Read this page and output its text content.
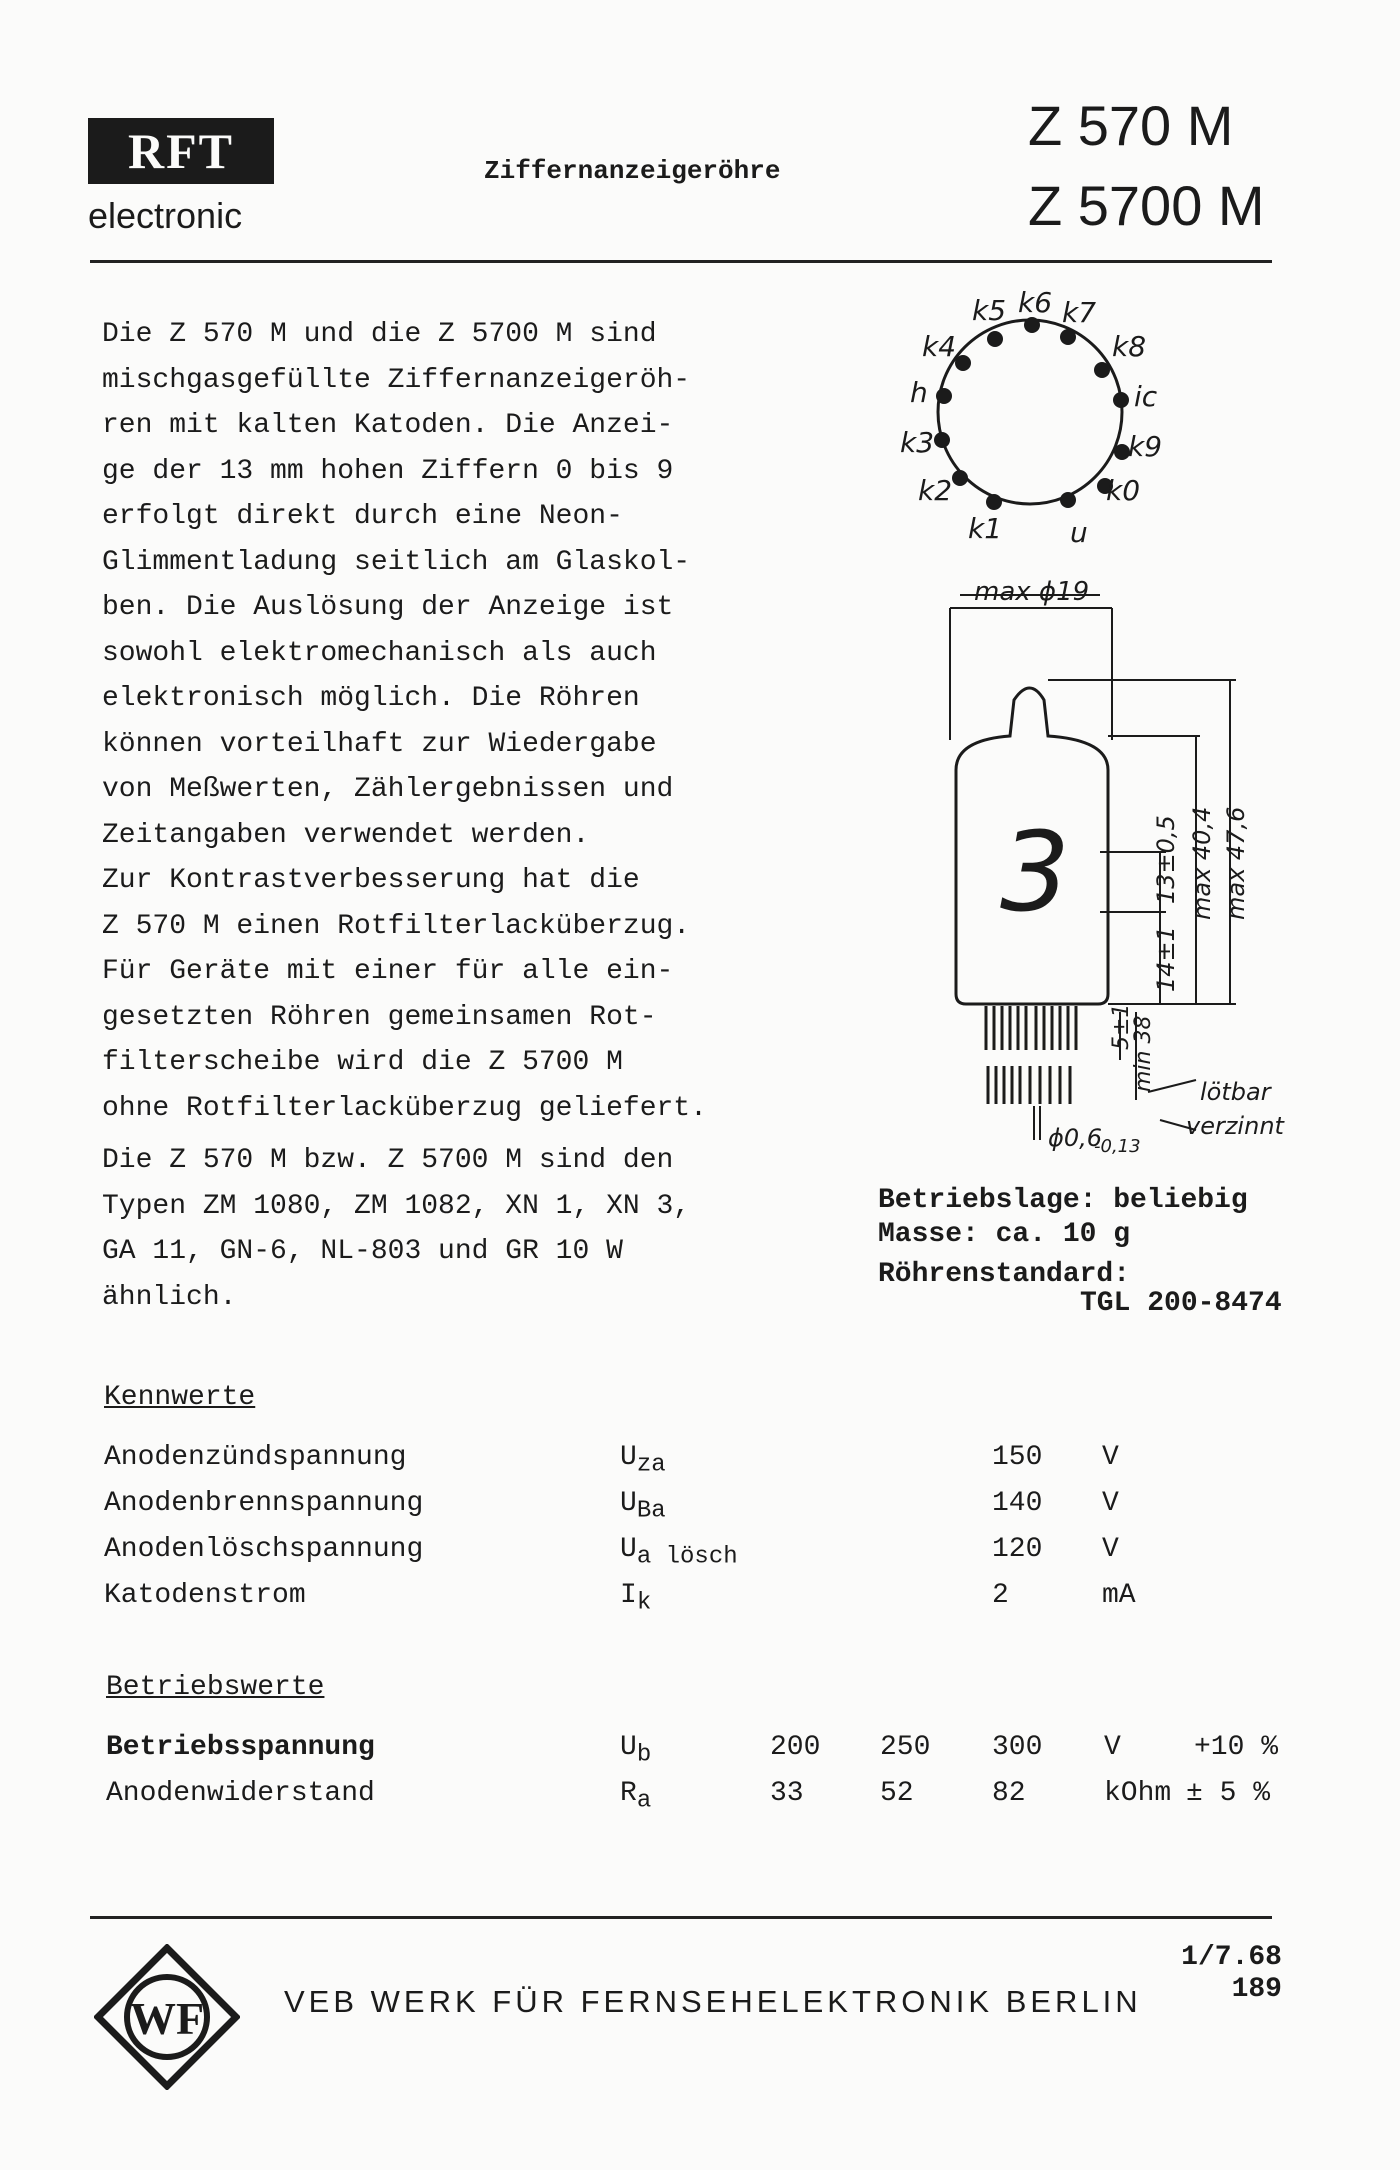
RFT
electronic
Ziffernanzeigeröhre
Z 570 M
Z 5700 M
Die Z 570 M und die Z 5700 M sind
mischgasgefüllte Ziffernanzeigeröh-
ren mit kalten Katoden. Die Anzei-
ge der 13 mm hohen Ziffern 0 bis 9
erfolgt direkt durch eine Neon-
Glimmentladung seitlich am Glaskol-
ben. Die Auslösung der Anzeige ist
sowohl elektromechanisch als auch
elektronisch möglich. Die Röhren
können vorteilhaft zur Wiedergabe
von Meßwerten, Zählergebnissen und
Zeitangaben verwendet werden.
Zur Kontrastverbesserung hat die
Z 570 M einen Rotfilterlacküberzug.
Für Geräte mit einer für alle ein-
gesetzten Röhren gemeinsamen Rot-
filterscheibe wird die Z 5700 M
ohne Rotfilterlacküberzug geliefert.
Die Z 570 M bzw. Z 5700 M sind den
Typen ZM 1080, ZM 1082, XN 1, XN 3,
GA 11, GN-6, NL-803 und GR 10 W
ähnlich.
k5 k6 k7
k4	k8
h	ic
k3	k9
k2	k0
k1 u
max ϕ19
3	13±0,5 max 40,4 max 47,6
14±1
5±1
min 38
ϕ0,6
-0,13
lötbar
verzinnt
Betriebslage: beliebig
Masse: ca. 10 g
Röhrenstandard:
TGL 200-8474
Kennwerte
Anodenzündspannung	$U_{za}$	150 V
Anodenbrennspannung	$U_{Ba}$	140 V
Anodenlöschspannung	$U_{a lösch}$	120 V
Katodenstrom	$I_k$	2	mA
Betriebswerte
Betriebsspannung	$U_b$	200 250 300 V	+10 %
Anodenwiderstand	$R_a$	33	52	82	kOhm ± 5 %
WF	VEB WERK FÜR FERNSEHELEKTRONIK BERLIN
1/7.68
189
